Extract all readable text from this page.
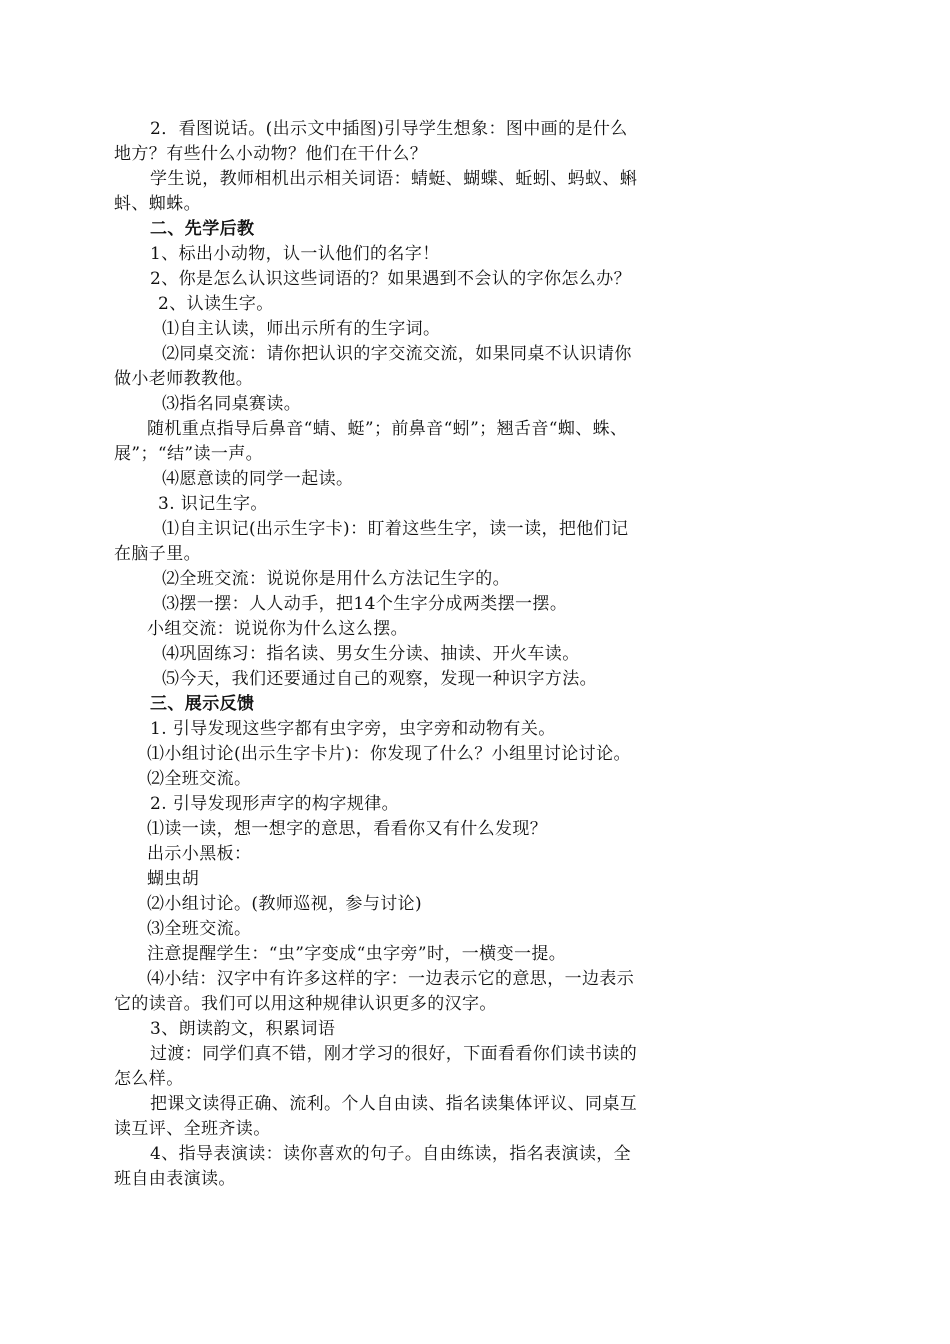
2．看图说话。(出示文中插图)引导学生想象：图中画的是什么地方？有些什么小动物？他们在干什么？

学生说，教师相机出示相关词语：蜻蜓、蝴蝶、蚯蚓、蚂蚁、蝌蚪、蜘蛛。

二、先学后教

1、标出小动物，认一认他们的名字！

2、你是怎么认识这些词语的？如果遇到不会认的字你怎么办？

2、认读生字。

⑴自主认读，师出示所有的生字词。

⑵同桌交流：请你把认识的字交流交流，如果同桌不认识请你做小老师教教他。

⑶指名同桌赛读。

随机重点指导后鼻音“蜻、蜓”；前鼻音“蚓”；翘舌音“蜘、蛛、展”；“结”读一声。

⑷愿意读的同学一起读。

3. 识记生字。

⑴自主识记(出示生字卡)：盯着这些生字，读一读，把他们记在脑子里。

⑵全班交流：说说你是用什么方法记生字的。

⑶摆一摆：人人动手，把14个生字分成两类摆一摆。

小组交流：说说你为什么这么摆。

⑷巩固练习：指名读、男女生分读、抽读、开火车读。

⑸今天，我们还要通过自己的观察，发现一种识字方法。

三、展示反馈

1. 引导发现这些字都有虫字旁，虫字旁和动物有关。

⑴小组讨论(出示生字卡片)：你发现了什么？小组里讨论讨论。

⑵全班交流。

2. 引导发现形声字的构字规律。

⑴读一读，想一想字的意思，看看你又有什么发现？

出示小黑板：

蝴虫胡

⑵小组讨论。(教师巡视，参与讨论)

⑶全班交流。

注意提醒学生：“虫”字变成“虫字旁”时，一横变一提。

⑷小结：汉字中有许多这样的字：一边表示它的意思，一边表示它的读音。我们可以用这种规律认识更多的汉字。

3、朗读韵文，积累词语

过渡：同学们真不错，刚才学习的很好，下面看看你们读书读的怎么样。

把课文读得正确、流利。个人自由读、指名读集体评议、同桌互读互评、全班齐读。

4、指导表演读：读你喜欢的句子。自由练读，指名表演读，全班自由表演读。
